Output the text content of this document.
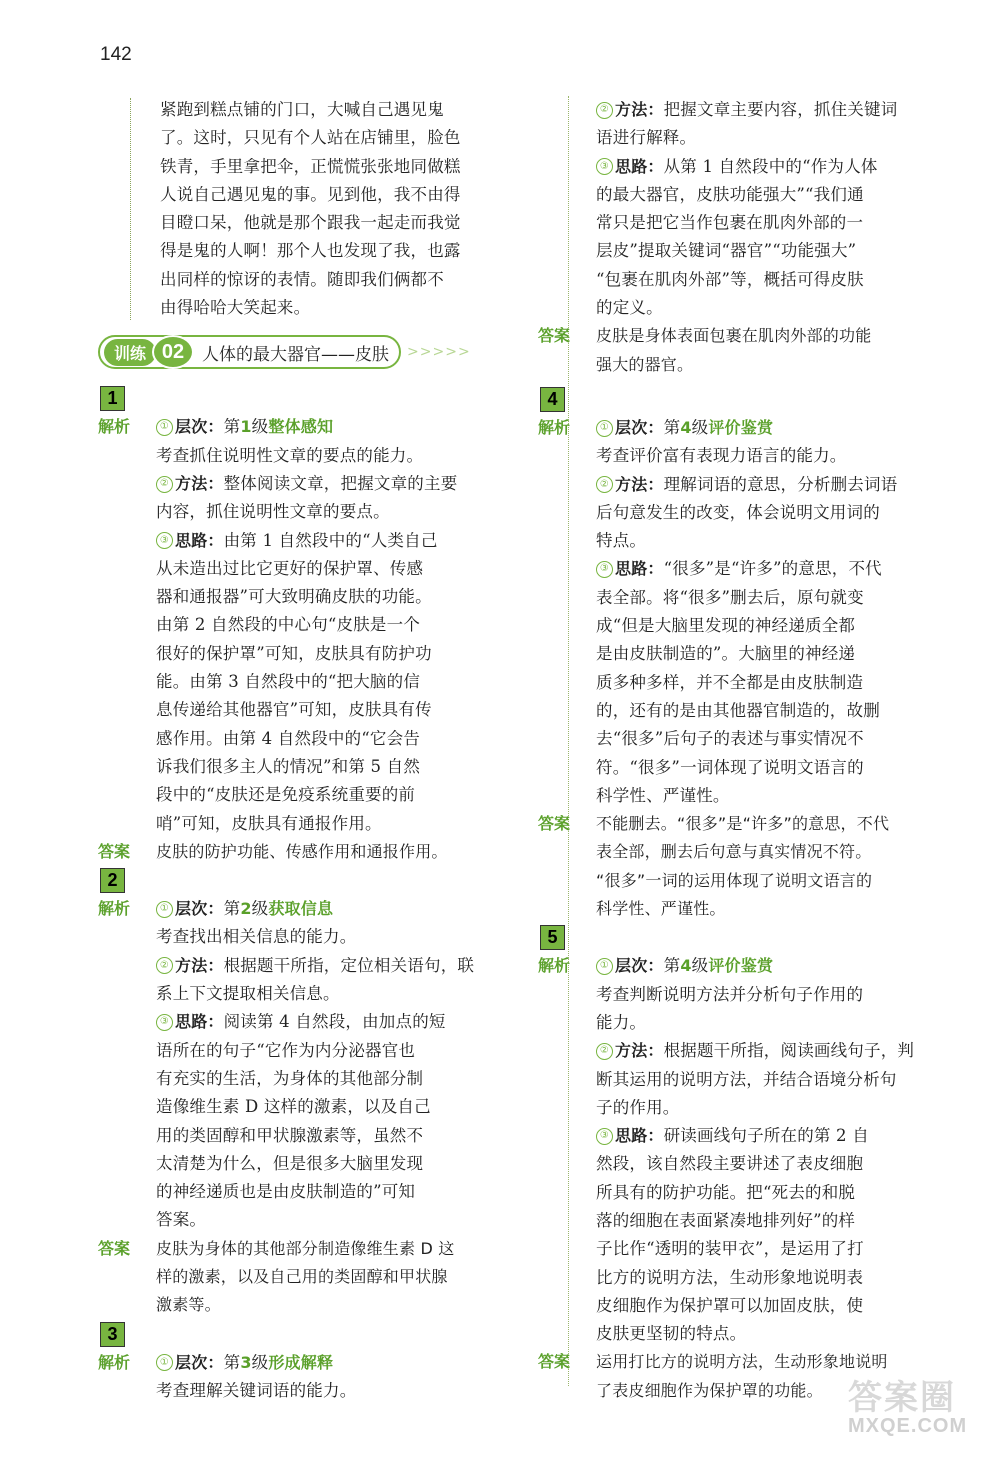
142
紧跑到糕点铺的门口，大喊自己遇见鬼
了。这时，只见有个人站在店铺里，脸色
铁青，手里拿把伞，正慌慌张张地同做糕
人说自己遇见鬼的事。见到他，我不由得
目瞪口呆，他就是那个跟我一起走而我觉
得是鬼的人啊！那个人也发现了我，也露
出同样的惊讶的表情。随即我们俩都不
由得哈哈大笑起来。
训练 02	人体的最大器官——皮肤 >>>>>
1
解析	① 层次： 第 1 级 整体感知
考查抓住说明性文章的要点的能力。
② 方法： 整体阅读文章，把握文章的主要
内容，抓住说明性文章的要点。
③ 思路： 由第 1 自然段中的“人类自己
从未造出过比它更好的保护罩、传感
器和通报器”可大致明确皮肤的功能。
由第 2 自然段的中心句“皮肤是一个
很好的保护罩”可知，皮肤具有防护功
能。由第 3 自然段中的“把大脑的信
息传递给其他器官”可知，皮肤具有传
感作用。由第 4 自然段中的“它会告
诉我们很多主人的情况”和第 5 自然
段中的“皮肤还是免疫系统重要的前
哨”可知，皮肤具有通报作用。
答案	皮肤的防护功能、传感作用和通报作用。
2
解析	① 层次： 第 2 级 获取信息
考查找出相关信息的能力。
② 方法： 根据题干所指，定位相关语句，联
系上下文提取相关信息。
③ 思路： 阅读第 4 自然段，由加点的短
语所在的句子“它作为内分泌器官也
有充实的生活，为身体的其他部分制
造像维生素 D 这样的激素，以及自己
用的类固醇和甲状腺激素等，虽然不
太清楚为什么，但是很多大脑里发现
的神经递质也是由皮肤制造的”可知
答案。
答案	皮肤为身体的其他部分制造像维生素 D 这
样的激素，以及自己用的类固醇和甲状腺
激素等。
3
解析	① 层次： 第 3 级 形成解释
考查理解关键词语的能力。
② 方法： 把握文章主要内容，抓住关键词
语进行解释。
③ 思路： 从第 1 自然段中的“作为人体
的最大器官，皮肤功能强大”“我们通
常只是把它当作包裹在肌肉外部的一
层皮”提取关键词“器官”“功能强大”
“包裹在肌肉外部”等，概括可得皮肤
的定义。
答案	皮肤是身体表面包裹在肌肉外部的功能
强大的器官。
4
解析	① 层次： 第 4 级 评价鉴赏
考查评价富有表现力语言的能力。
② 方法： 理解词语的意思，分析删去词语
后句意发生的改变，体会说明文用词的
特点。
③ 思路： “很多”是“许多”的意思，不代
表全部。将“很多”删去后，原句就变
成“但是大脑里发现的神经递质全都
是由皮肤制造的”。大脑里的神经递
质多种多样，并不全都是由皮肤制造
的，还有的是由其他器官制造的，故删
去“很多”后句子的表述与事实情况不
符。“很多”一词体现了说明文语言的
科学性、严谨性。
答案	不能删去。“很多”是“许多”的意思，不代
表全部，删去后句意与真实情况不符。
“很多”一词的运用体现了说明文语言的
科学性、严谨性。
5
解析	① 层次： 第 4 级 评价鉴赏
考查判断说明方法并分析句子作用的
能力。
② 方法： 根据题干所指，阅读画线句子，判
断其运用的说明方法，并结合语境分析句
子的作用。
③ 思路： 研读画线句子所在的第 2 自
然段，该自然段主要讲述了表皮细胞
所具有的防护功能。把“死去的和脱
落的细胞在表面紧凑地排列好”的样
子比作“透明的装甲衣”，是运用了打
比方的说明方法，生动形象地说明表
皮细胞作为保护罩可以加固皮肤，使
皮肤更坚韧的特点。
答案	运用打比方的说明方法，生动形象地说明
了表皮细胞作为保护罩的功能。 答案圈
MXQE.COM
